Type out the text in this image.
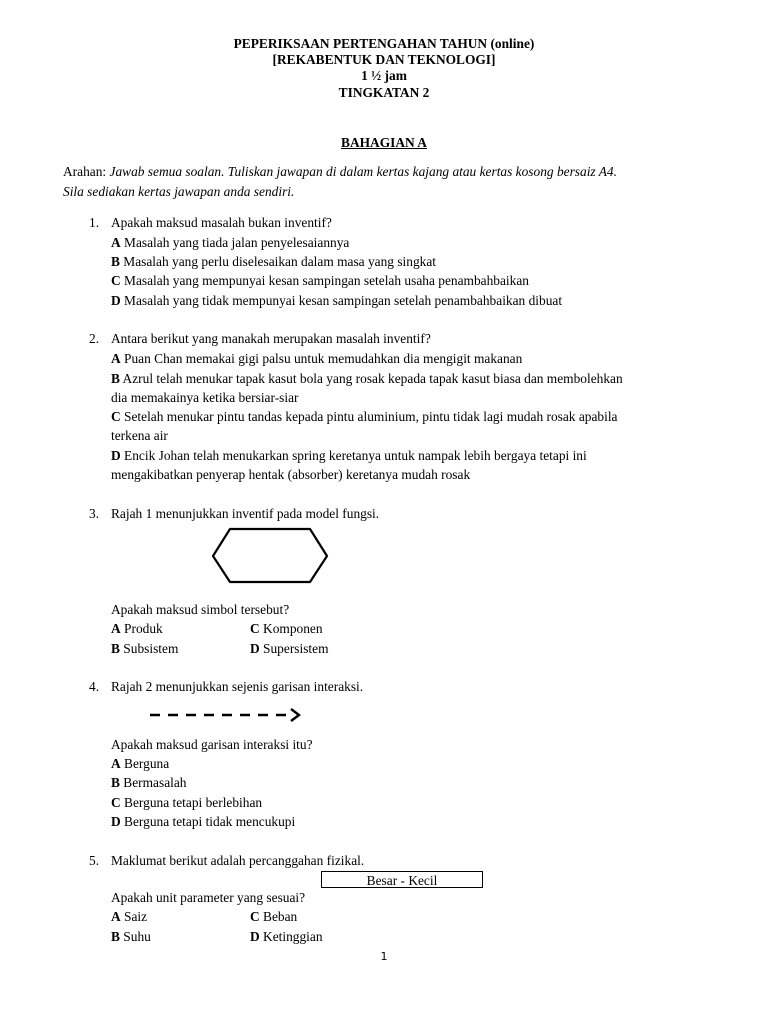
PEPERIKSAAN PERTENGAHAN TAHUN (online)
[REKABENTUK DAN TEKNOLOGI]
1 ½ jam
TINGKATAN 2
BAHAGIAN A
Arahan: Jawab semua soalan. Tuliskan jawapan di dalam kertas kajang atau kertas kosong bersaiz A4.
Sila sediakan kertas jawapan anda sendiri.
1. Apakah maksud masalah bukan inventif?
A Masalah yang tiada jalan penyelesaiannya
B Masalah yang perlu diselesaikan dalam masa yang singkat
C Masalah yang mempunyai kesan sampingan setelah usaha penambahbaikan
D Masalah yang tidak mempunyai kesan sampingan setelah penambahbaikan dibuat
2. Antara berikut yang manakah merupakan masalah inventif?
A Puan Chan memakai gigi palsu untuk memudahkan dia mengigit makanan
B Azrul telah menukar tapak kasut bola yang rosak kepada tapak kasut biasa dan membolehkan
dia memakainya ketika bersiar-siar
C Setelah menukar pintu tandas kepada pintu aluminium, pintu tidak lagi mudah rosak apabila
terkena air
D Encik Johan telah menukarkan spring keretanya untuk nampak lebih bergaya tetapi ini
mengakibatkan penyerap hentak (absorber) keretanya mudah rosak
3. Rajah 1 menunjukkan inventif pada model fungsi.
Apakah maksud simbol tersebut?
A Produk	C Komponen
B Subsistem	D Supersistem
4. Rajah 2 menunjukkan sejenis garisan interaksi.
Apakah maksud garisan interaksi itu?
A Berguna
B Bermasalah
C Berguna tetapi berlebihan
D Berguna tetapi tidak mencukupi
5. Maklumat berikut adalah percanggahan fizikal.
Besar - Kecil
Apakah unit parameter yang sesuai?
A Saiz	C Beban
B Suhu	D Ketinggian
1
